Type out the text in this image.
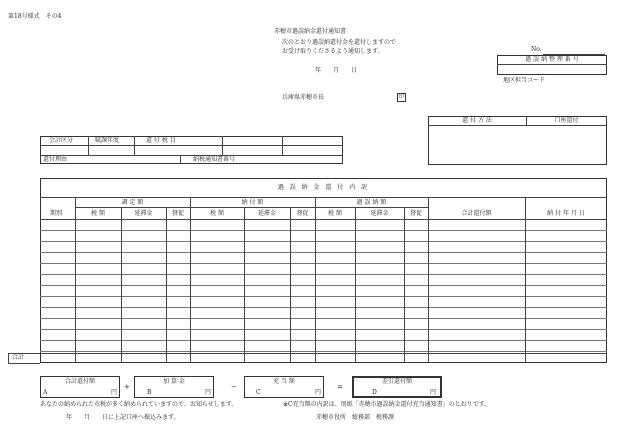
第18号様式　その4
赤穂市過誤納金還付通知書
次のとおり過誤納還付金を還付しますので
お受け取りくださるよう通知します。
年　　月　　日
兵庫県赤穂市長	印
No.
過 誤 納 整 理 番 号
地区担当コード
還 付 方 法	口座還付
会計区分	賦課年度	還 付 税 目
還付理由	納税通知書番号
過 誤 納 金 還 付 内 訳
合計
期別
調 定 額	納 付 額	過 誤 納 額
税 額	延滞金	督促	税 額	延滞金	督促	税 額	延滞金	督促	合計還付額	納 付 年 月 日
合計還付額
A	円
+
加 算 金
B	円
−
充 当 額
C	円
=
差引還付額
D	円
あなたの納められた市税が多く納められていますので、お知らせします。	※C充当額の内訳は、別紙「赤穂市過誤納金還付充当通知書」のとおりです。
年　　月　　日に上記口座へ振込みます。	赤穂市役所　総務部　税務課
